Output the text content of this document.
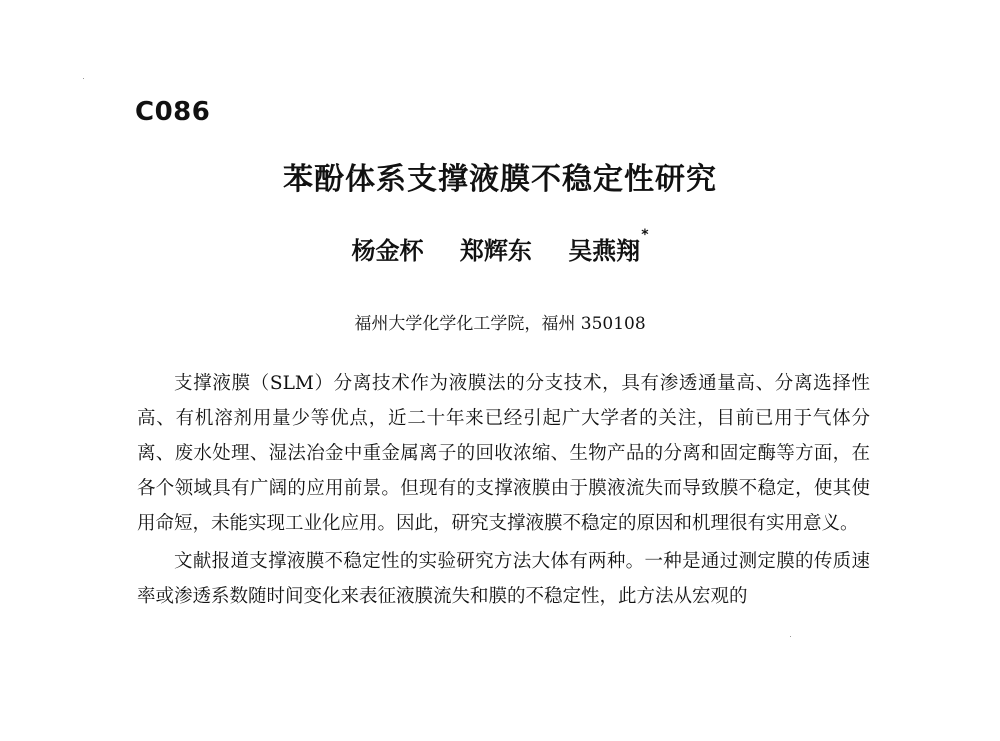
C086
苯酚体系支撑液膜不稳定性研究
杨金杯 郑辉东 吴燕翔*
福州大学化学化工学院，福州 350108

支撑液膜（SLM）分离技术作为液膜法的分支技术，具有渗透通量高、分离选择性高、有机溶剂用量少等优点，近二十年来已经引起广大学者的关注，目前已用于气体分离、废水处理、湿法冶金中重金属离子的回收浓缩、生物产品的分离和固定酶等方面，在各个领域具有广阔的应用前景。但现有的支撑液膜由于膜液流失而导致膜不稳定，使其使用命短，未能实现工业化应用。因此，研究支撑液膜不稳定的原因和机理很有实用意义。

文献报道支撑液膜不稳定性的实验研究方法大体有两种。一种是通过测定膜的传质速率或渗透系数随时间变化来表征液膜流失和膜的不稳定性，此方法从宏观的
